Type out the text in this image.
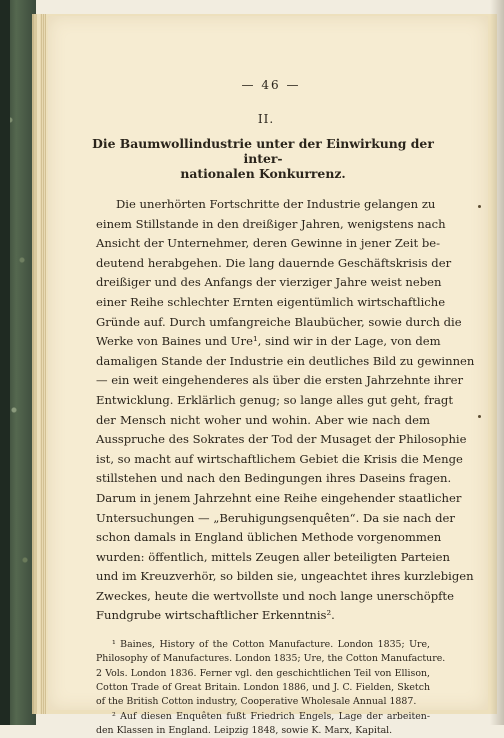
— 46 —
II.
Die Baumwollindustrie unter der Einwirkung der inter-
nationalen Konkurrenz.

Die unerhörten Fortschritte der Industrie gelangen zu
einem Stillstande in den dreißiger Jahren, wenigstens nach
Ansicht der Unternehmer, deren Gewinne in jener Zeit be-
deutend herabgehen. Die lang dauernde Geschäftskrisis der
dreißiger und des Anfangs der vierziger Jahre weist neben
einer Reihe schlechter Ernten eigentümlich wirtschaftliche
Gründe auf. Durch umfangreiche Blaubücher, sowie durch die
Werke von Baines und Ure¹, sind wir in der Lage, von dem
damaligen Stande der Industrie ein deutliches Bild zu gewinnen
— ein weit eingehenderes als über die ersten Jahrzehnte ihrer
Entwicklung. Erklärlich genug; so lange alles gut geht, fragt
der Mensch nicht woher und wohin. Aber wie nach dem
Ausspruche des Sokrates der Tod der Musaget der Philosophie
ist, so macht auf wirtschaftlichem Gebiet die Krisis die Menge
stillstehen und nach den Bedingungen ihres Daseins fragen.
Darum in jenem Jahrzehnt eine Reihe eingehender staatlicher
Untersuchungen — „Beruhigungsenquêten“. Da sie nach der
schon damals in England üblichen Methode vorgenommen
wurden: öffentlich, mittels Zeugen aller beteiligten Parteien
und im Kreuzverhör, so bilden sie, ungeachtet ihres kurzlebigen
Zweckes, heute die wertvollste und noch lange unerschöpfte
Fundgrube wirtschaftlicher Erkenntnis².

¹ Baines, History of the Cotton Manufacture. London 1835; Ure,
Philosophy of Manufactures. London 1835; Ure, the Cotton Manufacture.
2 Vols. London 1836. Ferner vgl. den geschichtlichen Teil von Ellison,
Cotton Trade of Great Britain. London 1886, und J. C. Fielden, Sketch
of the British Cotton industry, Cooperative Wholesale Annual 1887.
² Auf diesen Enquêten fußt Friedrich Engels, Lage der arbeiten-
den Klassen in England. Leipzig 1848, sowie K. Marx, Kapital.
